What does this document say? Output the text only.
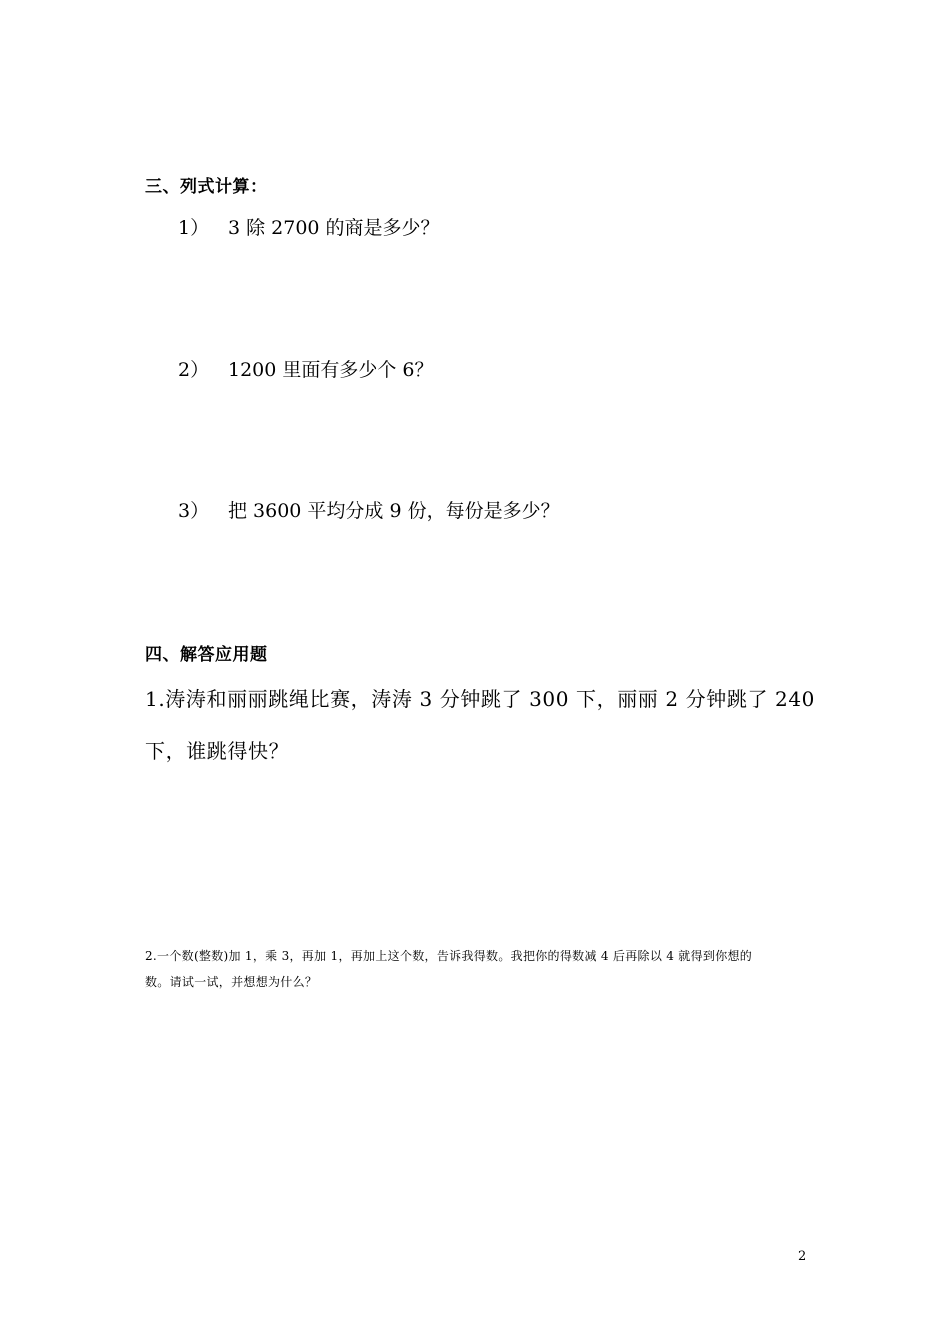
三、列式计算：
1） 3 除 2700 的商是多少？
2） 1200 里面有多少个 6？
3） 把 3600 平均分成 9 份，每份是多少？
四、解答应用题
1.涛涛和丽丽跳绳比赛，涛涛 3 分钟跳了 300 下，丽丽 2 分钟跳了 240
下，谁跳得快？
2.一个数(整数)加 1，乘 3，再加 1，再加上这个数，告诉我得数。我把你的得数减 4 后再除以 4 就得到你想的
数。请试一试，并想想为什么？
2
